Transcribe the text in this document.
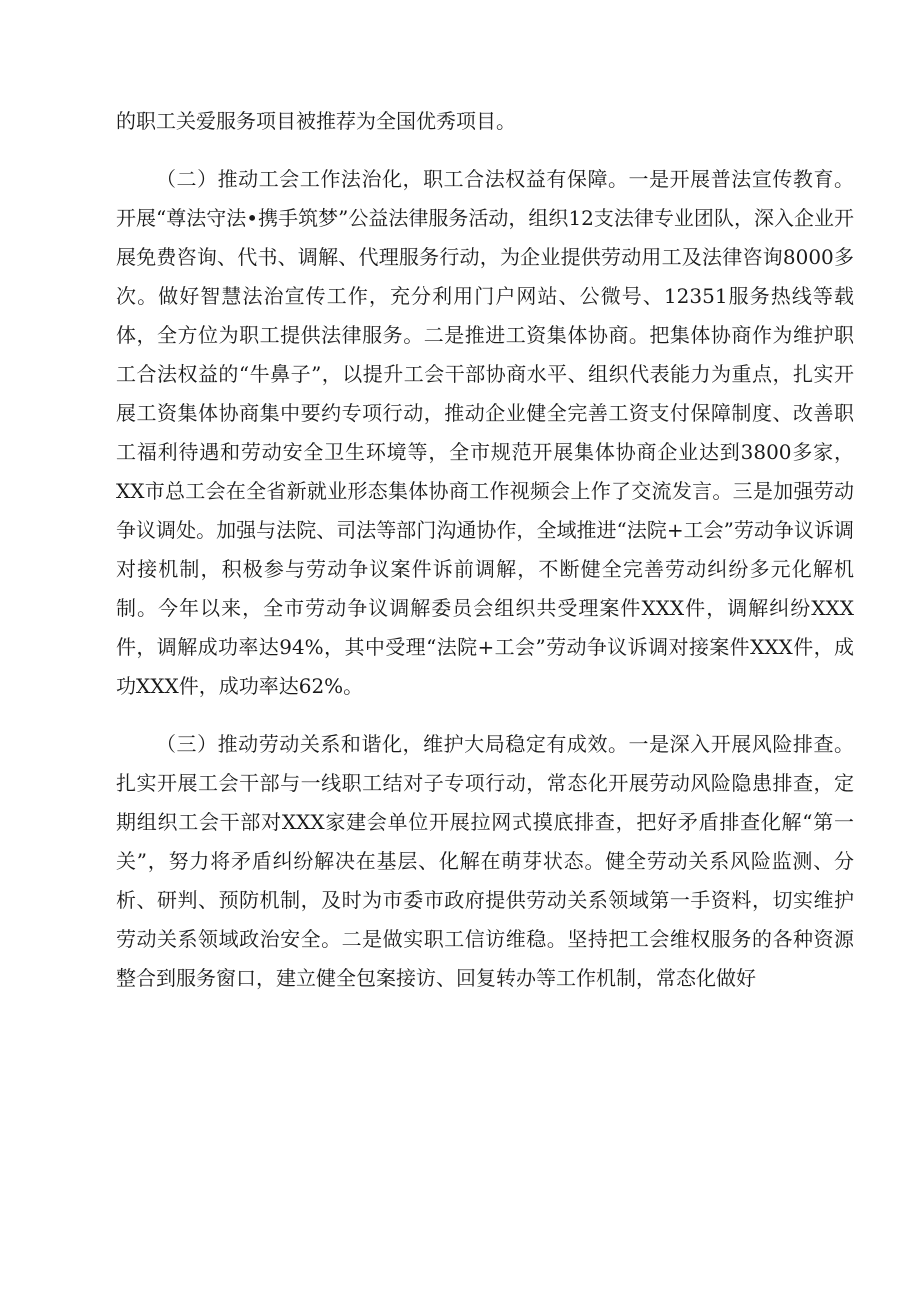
的职工关爱服务项目被推荐为全国优秀项目。

（二）推动工会工作法治化，职工合法权益有保障。一是开展普法宣传教育。开展“尊法守法•携手筑梦”公益法律服务活动，组织12支法律专业团队，深入企业开展免费咨询、代书、调解、代理服务行动，为企业提供劳动用工及法律咨询8000多次。做好智慧法治宣传工作，充分利用门户网站、公微号、12351服务热线等载体，全方位为职工提供法律服务。二是推进工资集体协商。把集体协商作为维护职工合法权益的“牛鼻子”，以提升工会干部协商水平、组织代表能力为重点，扎实开展工资集体协商集中要约专项行动，推动企业健全完善工资支付保障制度、改善职工福利待遇和劳动安全卫生环境等，全市规范开展集体协商企业达到3800多家，XX市总工会在全省新就业形态集体协商工作视频会上作了交流发言。三是加强劳动争议调处。加强与法院、司法等部门沟通协作，全域推进“法院+工会”劳动争议诉调对接机制，积极参与劳动争议案件诉前调解，不断健全完善劳动纠纷多元化解机制。今年以来，全市劳动争议调解委员会组织共受理案件XXX件，调解纠纷XXX件，调解成功率达94%，其中受理“法院+工会”劳动争议诉调对接案件XXX件，成功XXX件，成功率达62%。

（三）推动劳动关系和谐化，维护大局稳定有成效。一是深入开展风险排查。扎实开展工会干部与一线职工结对子专项行动，常态化开展劳动风险隐患排查，定期组织工会干部对XXX家建会单位开展拉网式摸底排查，把好矛盾排查化解“第一关”，努力将矛盾纠纷解决在基层、化解在萌芽状态。健全劳动关系风险监测、分析、研判、预防机制，及时为市委市政府提供劳动关系领域第一手资料，切实维护劳动关系领域政治安全。二是做实职工信访维稳。坚持把工会维权服务的各种资源整合到服务窗口，建立健全包案接访、回复转办等工作机制，常态化做好
